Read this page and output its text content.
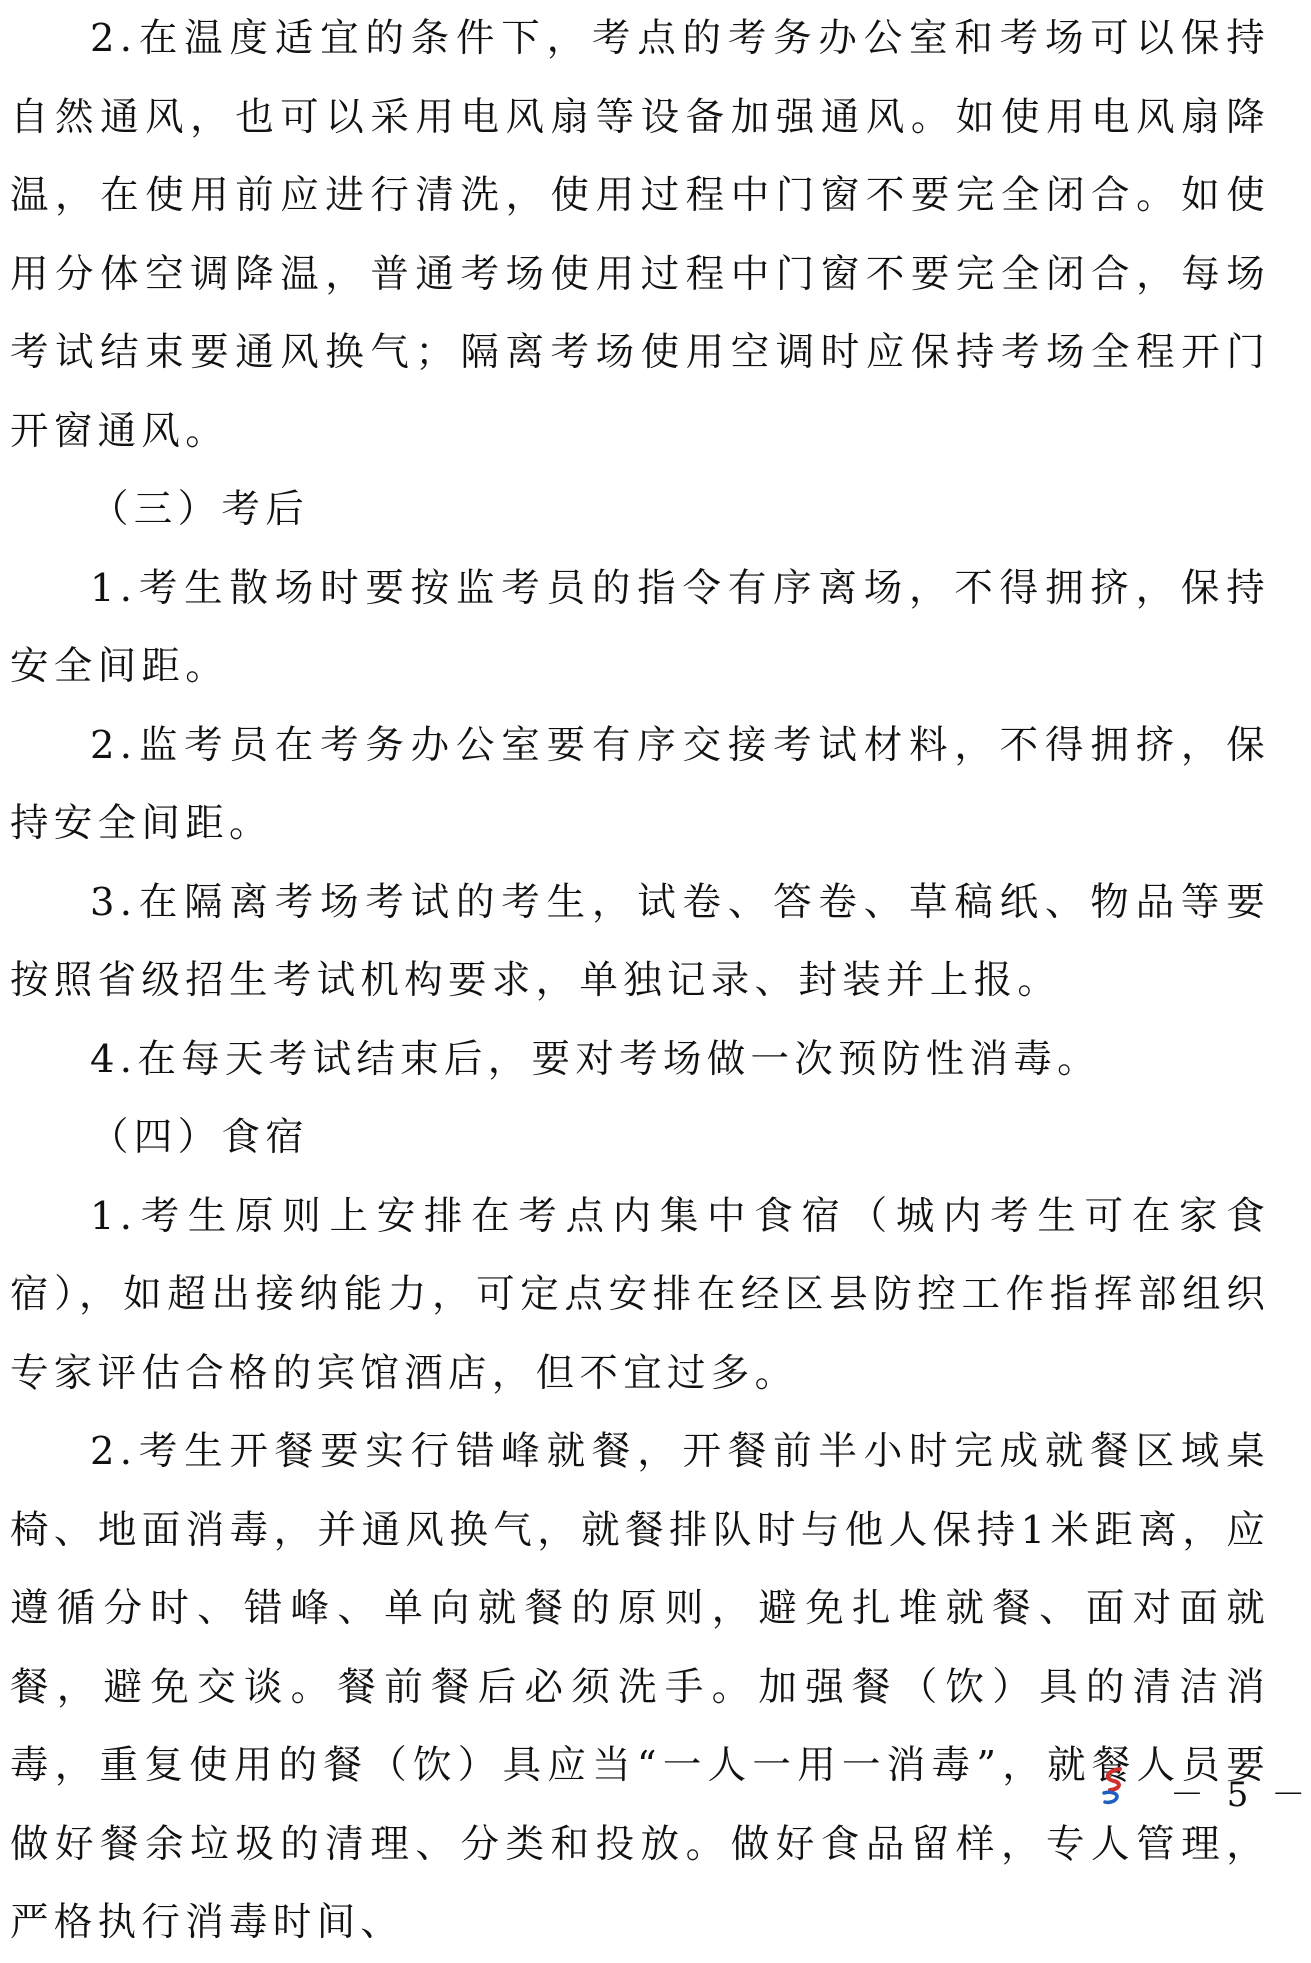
2.在温度适宜的条件下，考点的考务办公室和考场可以保持自然通风，也可以采用电风扇等设备加强通风。如使用电风扇降温，在使用前应进行清洗，使用过程中门窗不要完全闭合。如使用分体空调降温，普通考场使用过程中门窗不要完全闭合，每场考试结束要通风换气；隔离考场使用空调时应保持考场全程开门开窗通风。

（三）考后

1.考生散场时要按监考员的指令有序离场，不得拥挤，保持安全间距。

2.监考员在考务办公室要有序交接考试材料，不得拥挤，保持安全间距。

3.在隔离考场考试的考生，试卷、答卷、草稿纸、物品等要按照省级招生考试机构要求，单独记录、封装并上报。

4.在每天考试结束后，要对考场做一次预防性消毒。

（四）食宿

1.考生原则上安排在考点内集中食宿（城内考生可在家食宿），如超出接纳能力，可定点安排在经区县防控工作指挥部组织专家评估合格的宾馆酒店，但不宜过多。

2.考生开餐要实行错峰就餐，开餐前半小时完成就餐区域桌椅、地面消毒，并通风换气，就餐排队时与他人保持1米距离，应遵循分时、错峰、单向就餐的原则，避免扎堆就餐、面对面就餐，避免交谈。餐前餐后必须洗手。加强餐（饮）具的清洁消毒，重复使用的餐（饮）具应当“一人一用一消毒”，就餐人员要做好餐余垃圾的清理、分类和投放。做好食品留样，专人管理，严格执行消毒时间、

－ 5 －
